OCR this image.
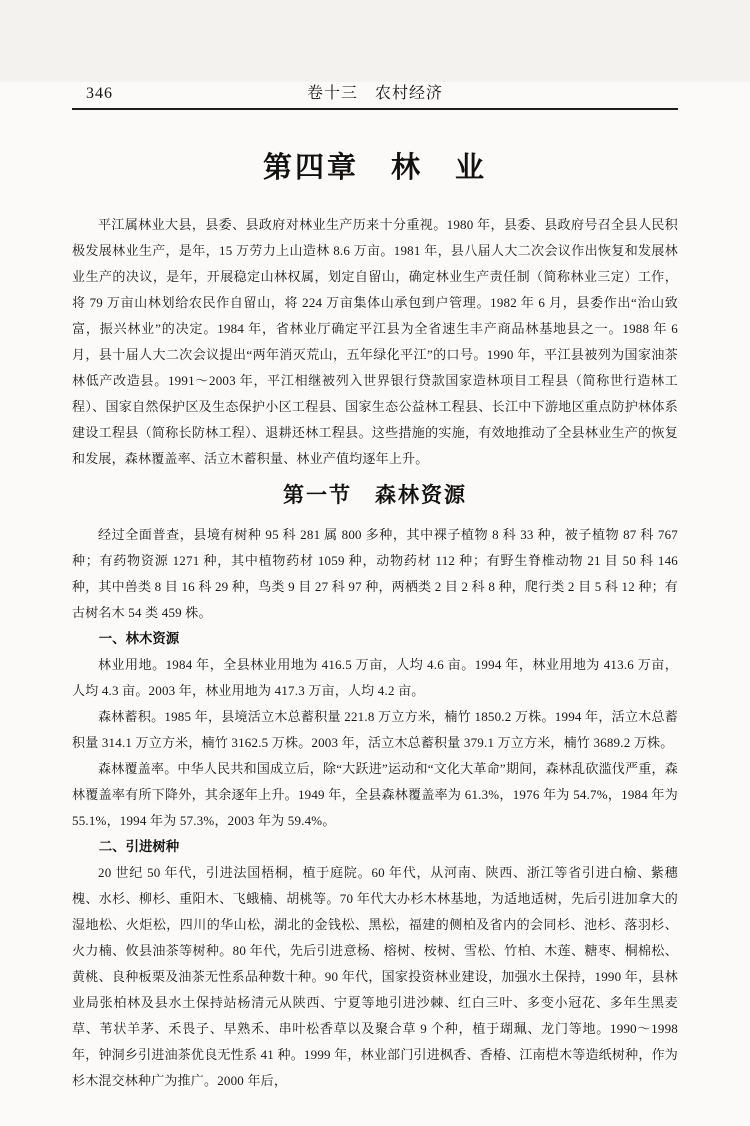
346	卷十三　农村经济
第四章　林　业

平江属林业大县，县委、县政府对林业生产历来十分重视。1980 年，县委、县政府号召全县人民积极发展林业生产，是年，15 万劳力上山造林 8.6 万亩。1981 年，县八届人大二次会议作出恢复和发展林业生产的决议，是年，开展稳定山林权属，划定自留山，确定林业生产责任制（简称林业三定）工作，将 79 万亩山林划给农民作自留山，将 224 万亩集体山承包到户管理。1982 年 6 月，县委作出“治山致富，振兴林业”的决定。1984 年，省林业厅确定平江县为全省速生丰产商品林基地县之一。1988 年 6 月，县十届人大二次会议提出“两年消灭荒山，五年绿化平江”的口号。1990 年，平江县被列为国家油茶林低产改造县。1991～2003 年，平江相继被列入世界银行贷款国家造林项目工程县（简称世行造林工程）、国家自然保护区及生态保护小区工程县、国家生态公益林工程县、长江中下游地区重点防护林体系建设工程县（简称长防林工程）、退耕还林工程县。这些措施的实施，有效地推动了全县林业生产的恢复和发展，森林覆盖率、活立木蓄积量、林业产值均逐年上升。

第一节　森林资源

经过全面普查，县境有树种 95 科 281 属 800 多种，其中裸子植物 8 科 33 种，被子植物 87 科 767 种；有药物资源 1271 种，其中植物药材 1059 种，动物药材 112 种；有野生脊椎动物 21 目 50 科 146 种，其中兽类 8 目 16 科 29 种，鸟类 9 目 27 科 97 种，两栖类 2 目 2 科 8 种，爬行类 2 目 5 科 12 种；有古树名木 54 类 459 株。

一、林木资源

林业用地。1984 年，全县林业用地为 416.5 万亩，人均 4.6 亩。1994 年，林业用地为 413.6 万亩，人均 4.3 亩。2003 年，林业用地为 417.3 万亩，人均 4.2 亩。

森林蓄积。1985 年，县境活立木总蓄积量 221.8 万立方米，楠竹 1850.2 万株。1994 年，活立木总蓄积量 314.1 万立方米，楠竹 3162.5 万株。2003 年，活立木总蓄积量 379.1 万立方米，楠竹 3689.2 万株。

森林覆盖率。中华人民共和国成立后，除“大跃进”运动和“文化大革命”期间，森林乱砍滥伐严重，森林覆盖率有所下降外，其余逐年上升。1949 年，全县森林覆盖率为 61.3%，1976 年为 54.7%，1984 年为 55.1%，1994 年为 57.3%，2003 年为 59.4%。

二、引进树种

20 世纪 50 年代，引进法国梧桐，植于庭院。60 年代，从河南、陕西、浙江等省引进白榆、紫穗槐、水杉、柳杉、重阳木、飞蛾楠、胡桃等。70 年代大办杉木林基地，为适地适树，先后引进加拿大的湿地松、火炬松，四川的华山松，湖北的金钱松、黑松，福建的侧柏及省内的会同杉、池杉、落羽杉、火力楠、攸县油茶等树种。80 年代，先后引进意杨、榕树、桉树、雪松、竹柏、木莲、糖枣、桐棉松、黄桃、良种板栗及油茶无性系品种数十种。90 年代，国家投资林业建设，加强水土保持，1990 年，县林业局张柏林及县水土保持站杨清元从陕西、宁夏等地引进沙棘、红白三叶、多变小冠花、多年生黑麦草、苇状羊茅、禾畏子、早熟禾、串叶松香草以及聚合草 9 个种，植于瑚珮、龙门等地。1990～1998 年，钟洞乡引进油茶优良无性系 41 种。1999 年，林业部门引进枫香、香椿、江南桤木等造纸树种，作为杉木混交林种广为推广。2000 年后，
